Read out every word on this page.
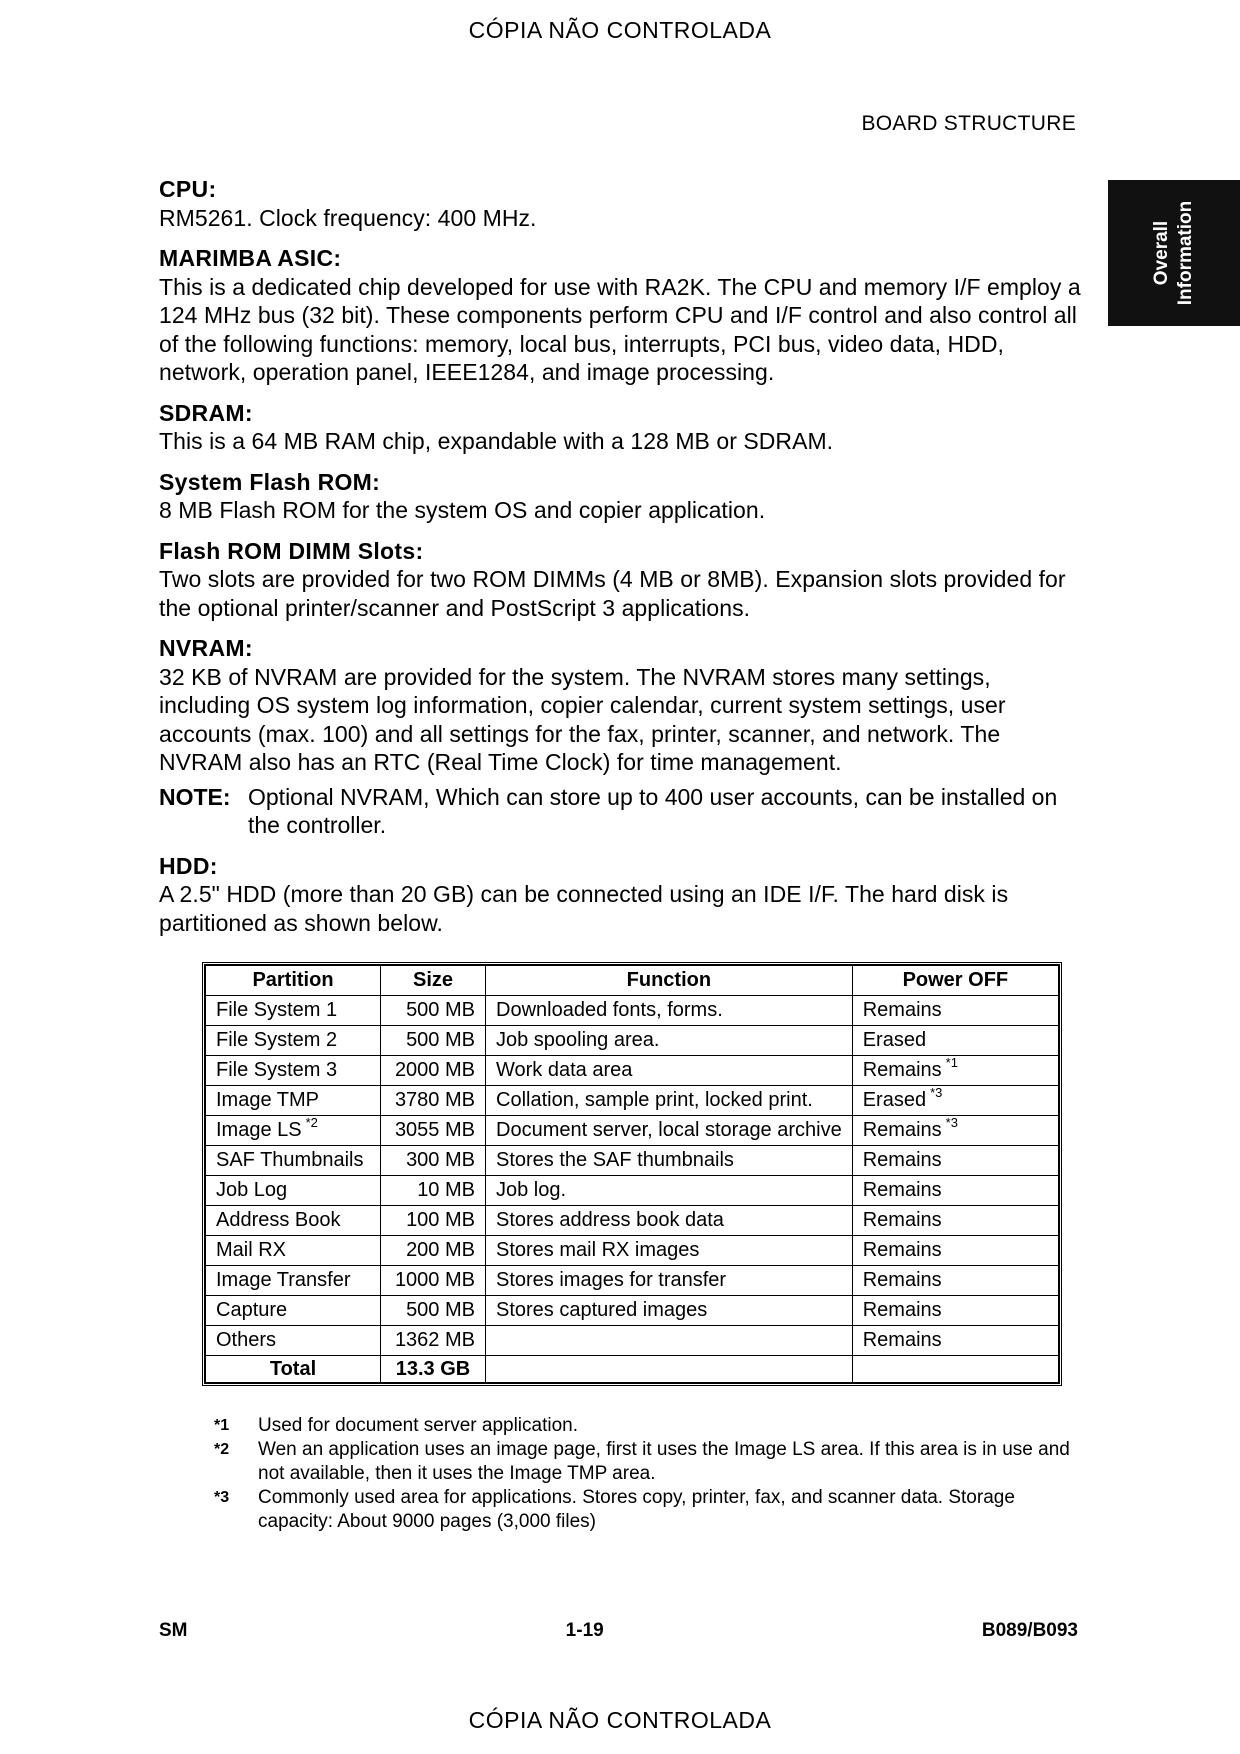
CÓPIA NÃO CONTROLADA
BOARD STRUCTURE
Overall Information
CPU:
RM5261. Clock frequency: 400 MHz.
MARIMBA ASIC:
This is a dedicated chip developed for use with RA2K. The CPU and memory I/F employ a 124 MHz bus (32 bit). These components perform CPU and I/F control and also control all of the following functions: memory, local bus, interrupts, PCI bus, video data, HDD, network, operation panel, IEEE1284, and image processing.
SDRAM:
This is a 64 MB RAM chip, expandable with a 128 MB or SDRAM.
System Flash ROM:
8 MB Flash ROM for the system OS and copier application.
Flash ROM DIMM Slots:
Two slots are provided for two ROM DIMMs (4 MB or 8MB). Expansion slots provided for the optional printer/scanner and PostScript 3 applications.
NVRAM:
32 KB of NVRAM are provided for the system. The NVRAM stores many settings, including OS system log information, copier calendar, current system settings, user accounts (max. 100) and all settings for the fax, printer, scanner, and network. The NVRAM also has an RTC (Real Time Clock) for time management.
NOTE: Optional NVRAM, Which can store up to 400 user accounts, can be installed on the controller.
HDD:
A 2.5" HDD (more than 20 GB) can be connected using an IDE I/F. The hard disk is partitioned as shown below.
Partition	Size	Function	Power OFF
File System 1	500 MB	Downloaded fonts, forms.	Remains
File System 2	500 MB	Job spooling area.	Erased
File System 3	2000 MB	Work data area	Remains $^{*1}$
Image TMP	3780 MB	Collation, sample print, locked print.	Erased $^{*3}$
Image LS $^{*2}$	3055 MB	Document server, local storage archive	Remains $^{*3}$
SAF Thumbnails	300 MB	Stores the SAF thumbnails	Remains
Job Log	10 MB	Job log.	Remains
Address Book	100 MB	Stores address book data	Remains
Mail RX	200 MB	Stores mail RX images	Remains
Image Transfer	1000 MB	Stores images for transfer	Remains
Capture	500 MB	Stores captured images	Remains
Others	1362 MB		Remains
Total	13.3 GB		
*1	Used for document server application.
*2	Wen an application uses an image page, first it uses the Image LS area. If this area is in use and not available, then it uses the Image TMP area.
*3	Commonly used area for applications. Stores copy, printer, fax, and scanner data. Storage capacity: About 9000 pages (3,000 files)
SM	1-19	B089/B093
CÓPIA NÃO CONTROLADA
